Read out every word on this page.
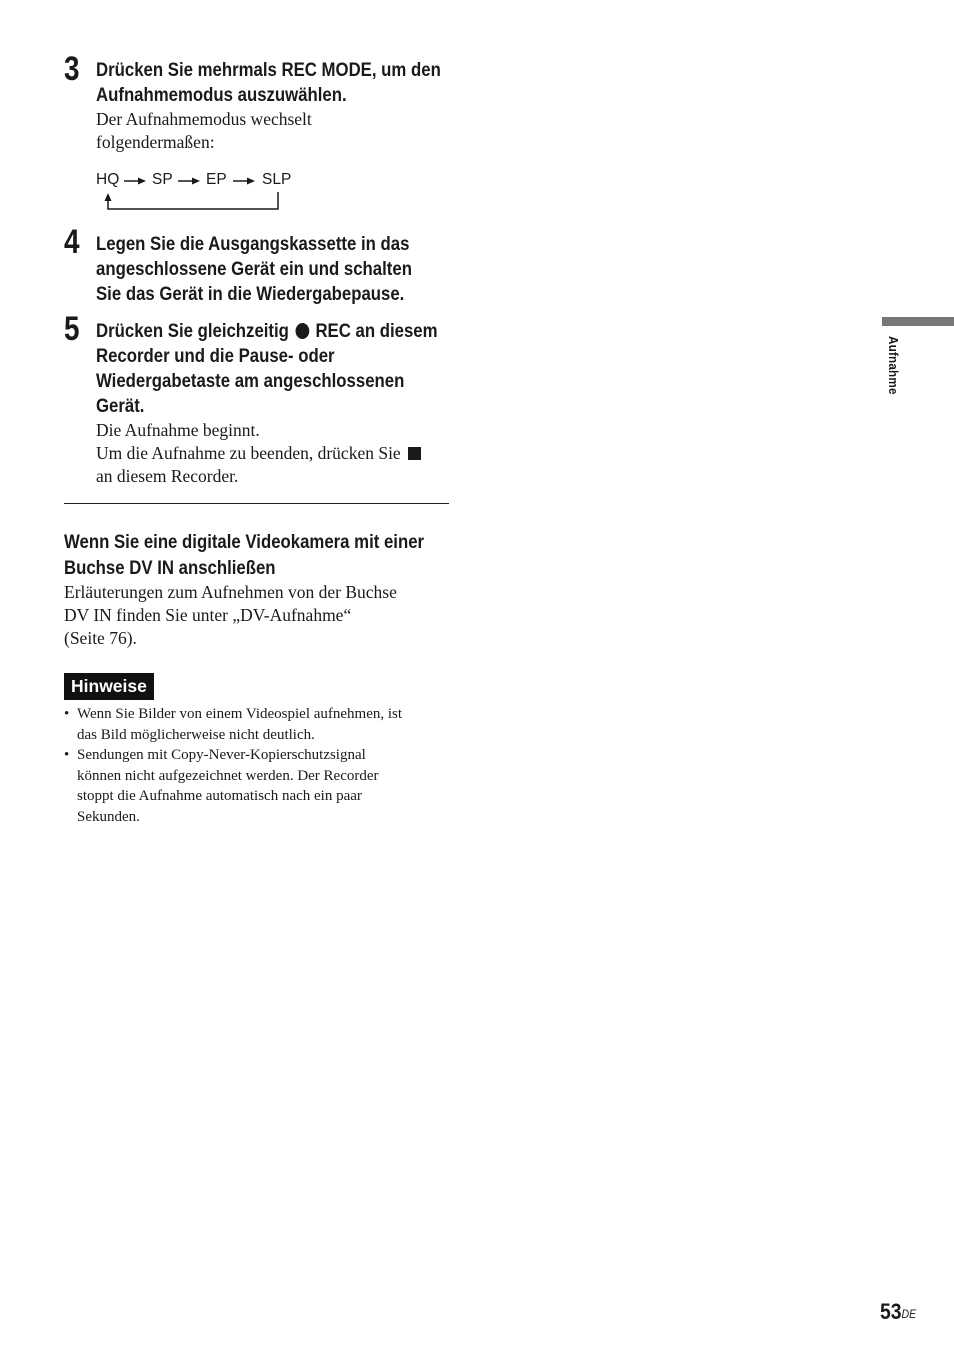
3 Drücken Sie mehrmals REC MODE, um den
Aufnahmemodus auszuwählen.
Der Aufnahmemodus wechselt
folgendermaßen:
HQ SP EP SLP
4 Legen Sie die Ausgangskassette in das
angeschlossene Gerät ein und schalten
Sie das Gerät in die Wiedergabepause.
5 Drücken Sie gleichzeitig REC an diesem
Recorder und die Pause- oder
Wiedergabetaste am angeschlossenen
Gerät.
Die Aufnahme beginnt.
Um die Aufnahme zu beenden, drücken Sie
an diesem Recorder.
Wenn Sie eine digitale Videokamera mit einer
Buchse DV IN anschließen
Erläuterungen zum Aufnehmen von der Buchse
DV IN finden Sie unter „DV-Aufnahme“
(Seite 76).
Hinweise
• Wenn Sie Bilder von einem Videospiel aufnehmen, ist
das Bild möglicherweise nicht deutlich.
• Sendungen mit Copy-Never-Kopierschutzsignal
können nicht aufgezeichnet werden. Der Recorder
stoppt die Aufnahme automatisch nach ein paar
Sekunden.
Aufnahme
53DE
